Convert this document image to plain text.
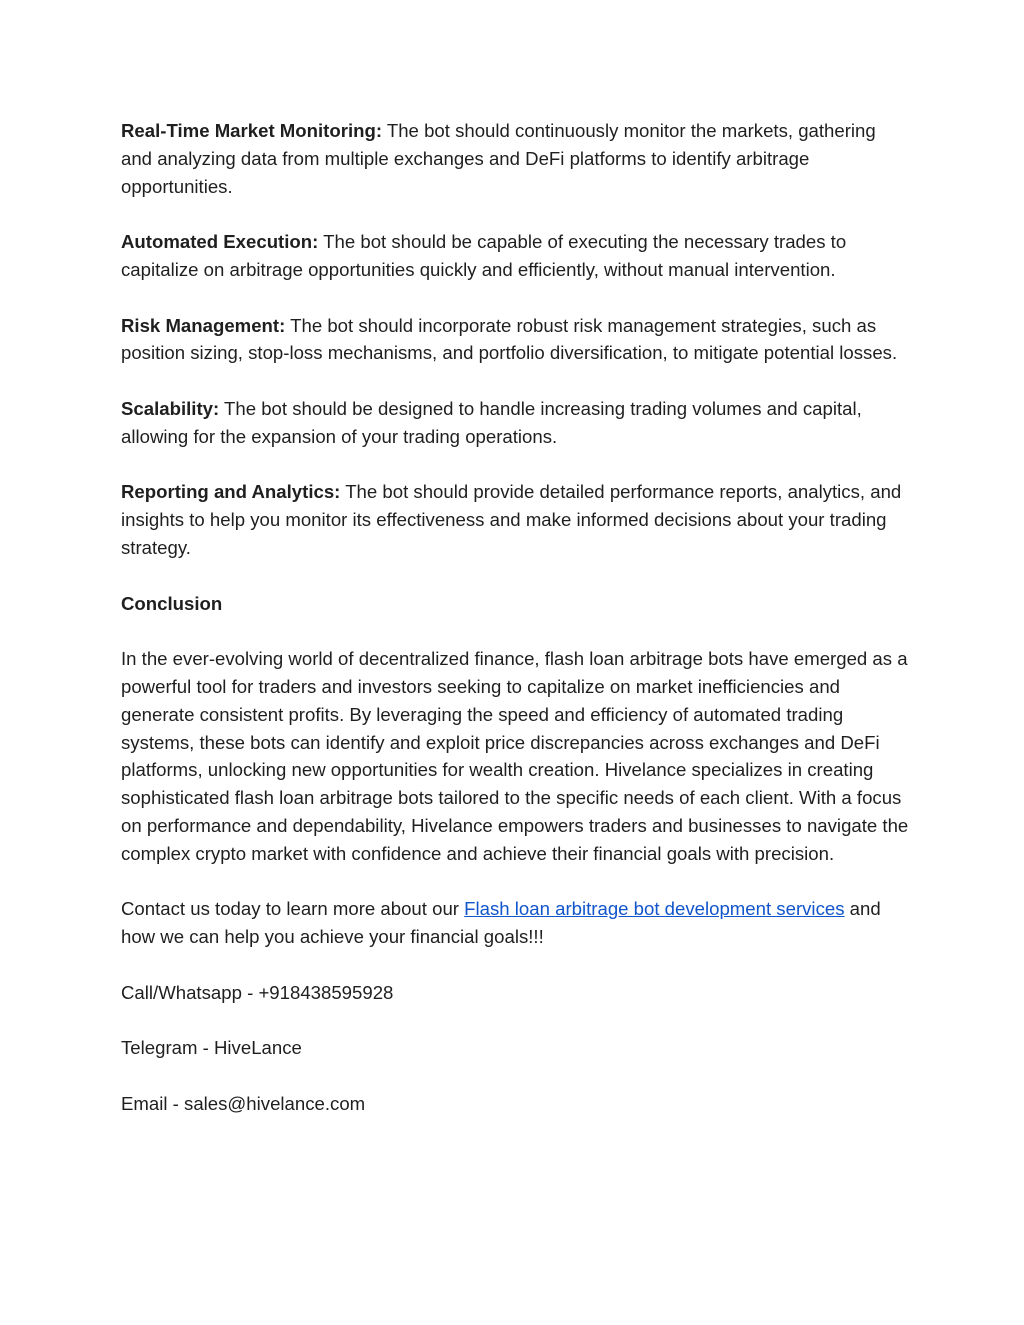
Real-Time Market Monitoring: The bot should continuously monitor the markets, gathering and analyzing data from multiple exchanges and DeFi platforms to identify arbitrage opportunities.

Automated Execution: The bot should be capable of executing the necessary trades to capitalize on arbitrage opportunities quickly and efficiently, without manual intervention.

Risk Management: The bot should incorporate robust risk management strategies, such as position sizing, stop-loss mechanisms, and portfolio diversification, to mitigate potential losses.

Scalability: The bot should be designed to handle increasing trading volumes and capital, allowing for the expansion of your trading operations.

Reporting and Analytics: The bot should provide detailed performance reports, analytics, and insights to help you monitor its effectiveness and make informed decisions about your trading strategy.

Conclusion

In the ever-evolving world of decentralized finance, flash loan arbitrage bots have emerged as a powerful tool for traders and investors seeking to capitalize on market inefficiencies and generate consistent profits. By leveraging the speed and efficiency of automated trading systems, these bots can identify and exploit price discrepancies across exchanges and DeFi platforms, unlocking new opportunities for wealth creation. Hivelance specializes in creating sophisticated flash loan arbitrage bots tailored to the specific needs of each client. With a focus on performance and dependability, Hivelance empowers traders and businesses to navigate the complex crypto market with confidence and achieve their financial goals with precision.

Contact us today to learn more about our Flash loan arbitrage bot development services and how we can help you achieve your financial goals!!!

Call/Whatsapp - +918438595928

Telegram - HiveLance

Email - sales@hivelance.com
